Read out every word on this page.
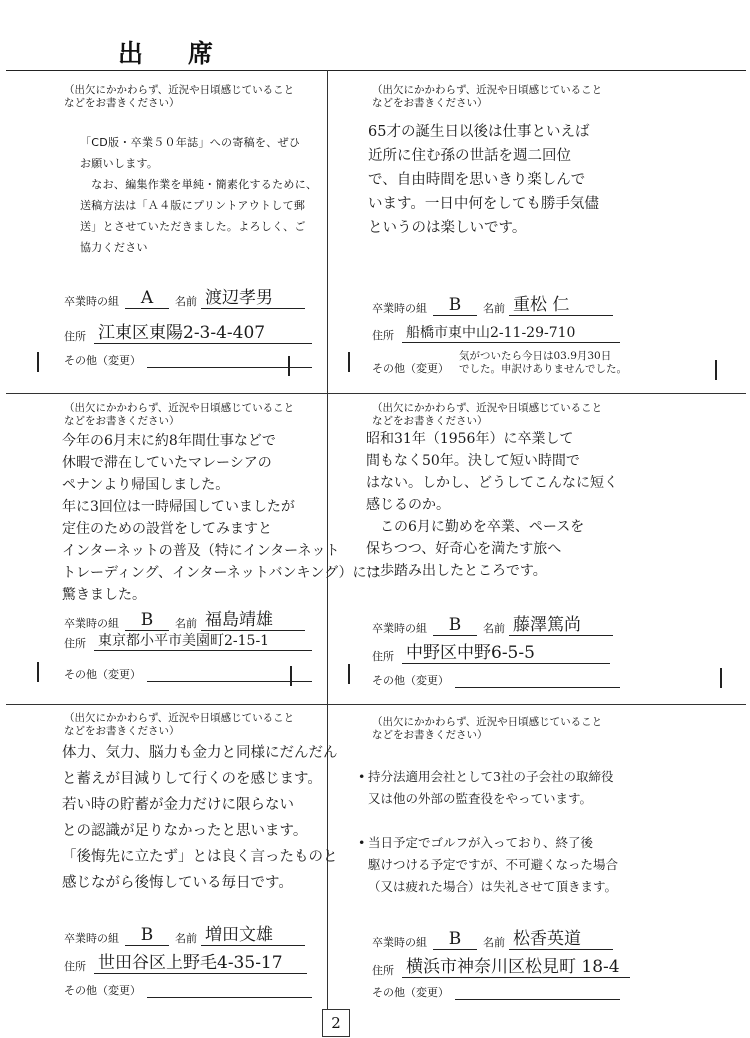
出　席
（出欠にかかわらず、近況や日頃感じていること
などをお書きください）
「CD版・卒業５０年誌」への寄稿を、ぜひ
お願いします。
　なお、編集作業を単純・簡素化するために、
送稿方法は「Ａ４版にプリントアウトして郵
送」とさせていただきました。よろしく、ご
協力ください
卒業時の組	A	名前 渡辺孝男
住所 江東区東陽2-3-4-407
その他（変更）
（出欠にかかわらず、近況や日頃感じていること
などをお書きください）
65才の誕生日以後は仕事といえば
近所に住む孫の世話を週二回位
で、自由時間を思いきり楽しんで
います。一日中何をしても勝手気儘
というのは楽しいです。
卒業時の組	B	名前 重松 仁
住所 船橋市東中山2-11-29-710
その他（変更）
気がついたら今日は03.9月30日
でした。申訳けありませんでした。
（出欠にかかわらず、近況や日頃感じていること
などをお書きください）
今年の6月末に約8年間仕事などで
休暇で滞在していたマレーシアの
ペナンより帰国しました。
年に3回位は一時帰国していましたが
定住のための設営をしてみますと
インターネットの普及（特にインターネット
トレーディング、インターネットバンキング）には
驚きました。
卒業時の組	B	名前 福島靖雄
住所 東京都小平市美園町2-15-1
その他（変更）
（出欠にかかわらず、近況や日頃感じていること
などをお書きください）
昭和31年（1956年）に卒業して
間もなく50年。決して短い時間で
はない。しかし、どうしてこんなに短く
感じるのか。
　この6月に勤めを卒業、ペースを
保ちつつ、好奇心を満たす旅へ
一歩踏み出したところです。
卒業時の組	B	名前 藤澤篤尚
住所 中野区中野6-5-5
その他（変更）
（出欠にかかわらず、近況や日頃感じていること
などをお書きください）
体力、気力、脳力も金力と同様にだんだん
と蓄えが目減りして行くのを感じます。
若い時の貯蓄が金力だけに限らない
との認識が足りなかったと思います。
「後悔先に立たず」とは良く言ったものと
感じながら後悔している毎日です。
卒業時の組	B	名前 増田文雄
住所 世田谷区上野毛4-35-17
その他（変更）
（出欠にかかわらず、近況や日頃感じていること
などをお書きください）

• 持分法適用会社として3社の子会社の取締役
又は他の外部の監査役をやっています。

• 当日予定でゴルフが入っており、終了後
駆けつける予定ですが、不可避くなった場合
（又は疲れた場合）は失礼させて頂きます。

卒業時の組	B	名前 松香英道
住所 横浜市神奈川区松見町 18-4
その他（変更）
2
